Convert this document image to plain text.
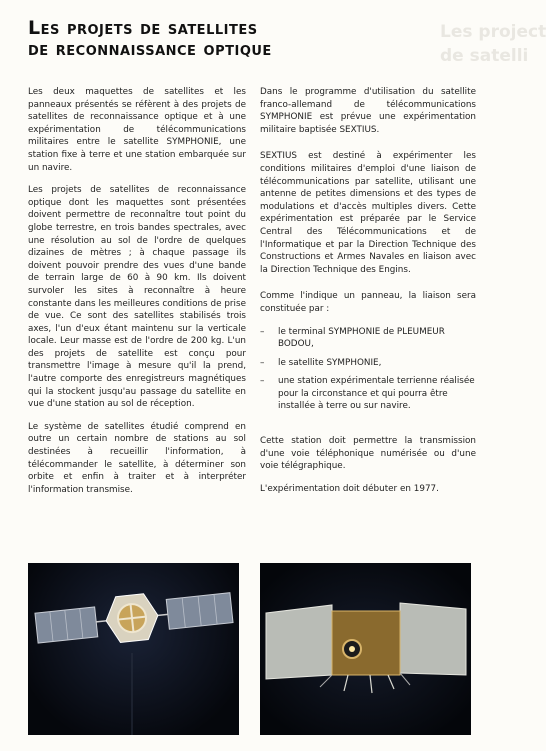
Les project
de satelli
Les projets de satellites
de reconnaissance optique

Les deux maquettes de satellites et les panneaux présentés se réfèrent à des projets de satellites de reconnaissance optique et à une expérimentation de télécommunications militaires entre le satellite SYMPHONIE, une station fixe à terre et une station embarquée sur un navire.

Les projets de satellites de reconnaissance optique dont les maquettes sont présentées doivent permettre de reconnaître tout point du globe terrestre, en trois bandes spectrales, avec une résolution au sol de l'ordre de quelques dizaines de mètres ; à chaque passage ils doivent pouvoir prendre des vues d'une bande de terrain large de 60 à 90 km. Ils doivent survoler les sites à reconnaître à heure constante dans les meilleures conditions de prise de vue. Ce sont des satellites stabilisés trois axes, l'un d'eux étant maintenu sur la verticale locale. Leur masse est de l'ordre de 200 kg. L'un des projets de satellite est conçu pour transmettre l'image à mesure qu'il la prend, l'autre comporte des enregistreurs magnétiques qui la stockent jusqu'au passage du satellite en vue d'une station au sol de réception.

Le système de satellites étudié comprend en outre un certain nombre de stations au sol destinées à recueillir l'information, à télécommander le satellite, à déterminer son orbite et enfin à traiter et à interpréter l'information transmise.

Dans le programme d'utilisation du satellite franco-allemand de télécommunications SYMPHONIE est prévue une expérimentation militaire baptisée SEXTIUS.

SEXTIUS est destiné à expérimenter les conditions militaires d'emploi d'une liaison de télécommunications par satellite, utilisant une antenne de petites dimensions et des types de modulations et d'accès multiples divers. Cette expérimentation est préparée par le Service Central des Télécommunications et de l'Informatique et par la Direction Technique des Constructions et Armes Navales en liaison avec la Direction Technique des Engins.

Comme l'indique un panneau, la liaison sera constituée par :

– le terminal SYMPHONIE de PLEUMEUR BODOU,
– le satellite SYMPHONIE,
– une station expérimentale terrienne réalisée pour la circonstance et qui pourra être installée à terre ou sur navire.

Cette station doit permettre la transmission d'une voie téléphonique numérisée ou d'une voie télégraphique.

L'expérimentation doit débuter en 1977.
